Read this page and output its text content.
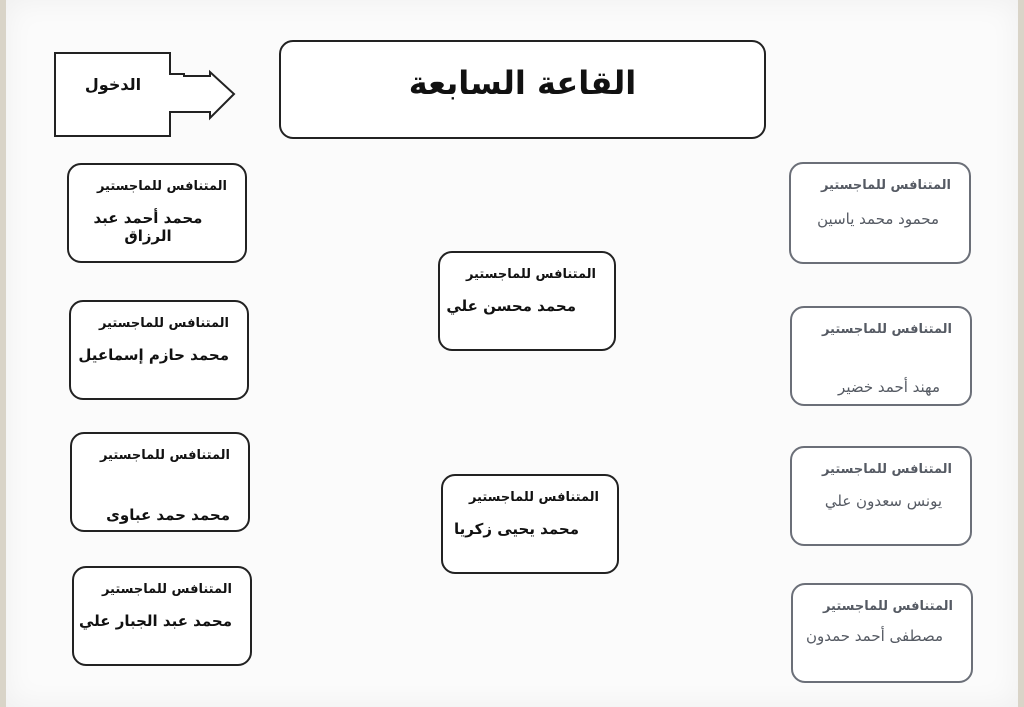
الدخول	القاعة السابعة
المتنافس للماجستير
محمد أحمد عبد الرزاق
المتنافس للماجستير
محمد حازم إسماعيل
المتنافس للماجستير
محمد حمد عباوى
المتنافس للماجستير
محمد عبد الجبار علي
المتنافس للماجستير
محمد محسن علي
المتنافس للماجستير
محمد يحيى زكريا
المتنافس للماجستير
محمود محمد ياسين
المتنافس للماجستير
مهند أحمد خضير
المتنافس للماجستير
يونس سعدون علي
المتنافس للماجستير
مصطفى أحمد حمدون
